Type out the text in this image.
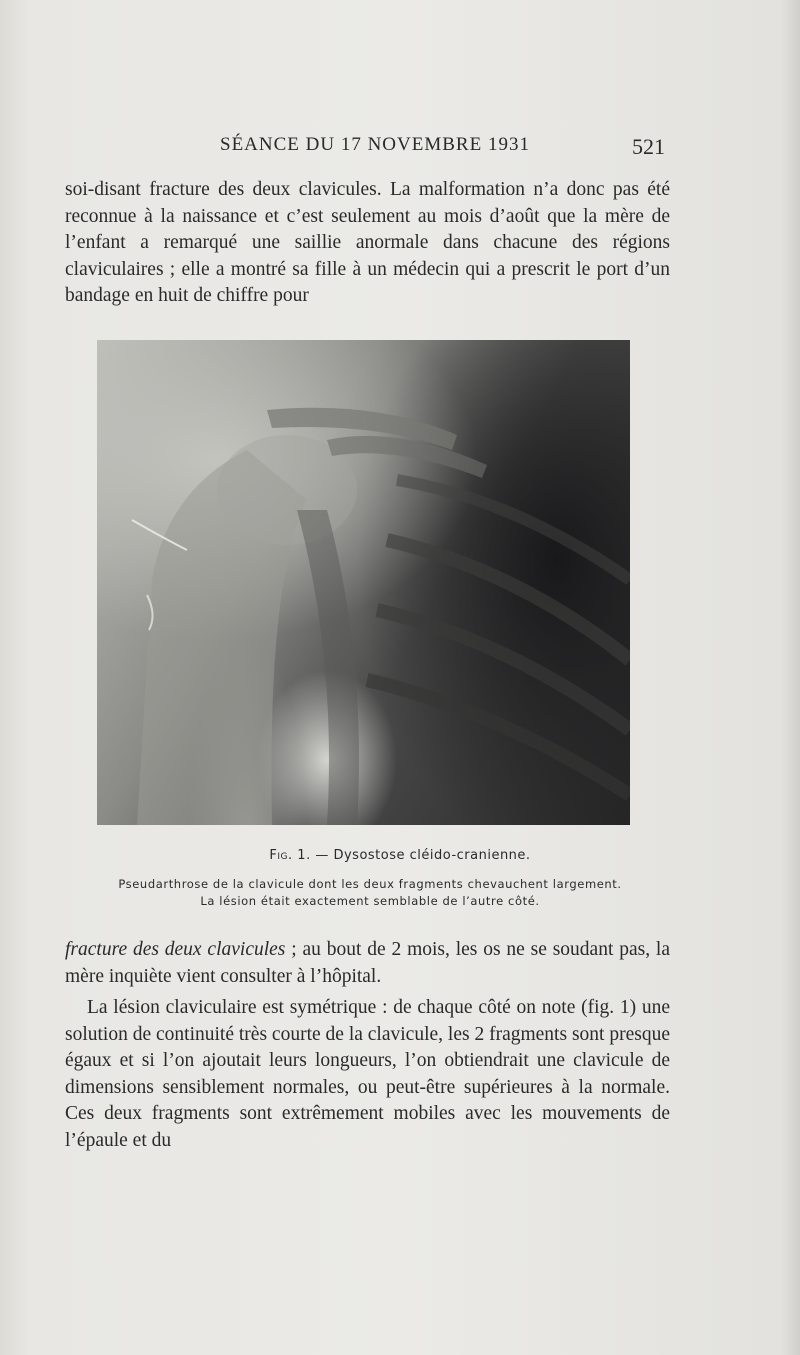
SÉANCE DU 17 NOVEMBRE 1931	521

soi-disant fracture des deux clavicules. La malformation n’a donc pas été reconnue à la naissance et c’est seulement au mois d’août que la mère de l’enfant a remarqué une saillie anormale dans chacune des régions claviculaires ; elle a montré sa fille à un médecin qui a prescrit le port d’un bandage en huit de chiffre pour

Fig. 1. — Dysostose cléido-cranienne.

Pseudarthrose de la clavicule dont les deux fragments chevauchent largement.
La lésion était exactement semblable de l’autre côté.

fracture des deux clavicules ; au bout de 2 mois, les os ne se soudant pas, la mère inquiète vient consulter à l’hôpital.

La lésion claviculaire est symétrique : de chaque côté on note (fig. 1) une solution de continuité très courte de la clavicule, les 2 fragments sont presque égaux et si l’on ajoutait leurs longueurs, l’on obtiendrait une clavicule de dimensions sensiblement normales, ou peut-être supérieures à la normale. Ces deux fragments sont extrêmement mobiles avec les mouvements de l’épaule et du
